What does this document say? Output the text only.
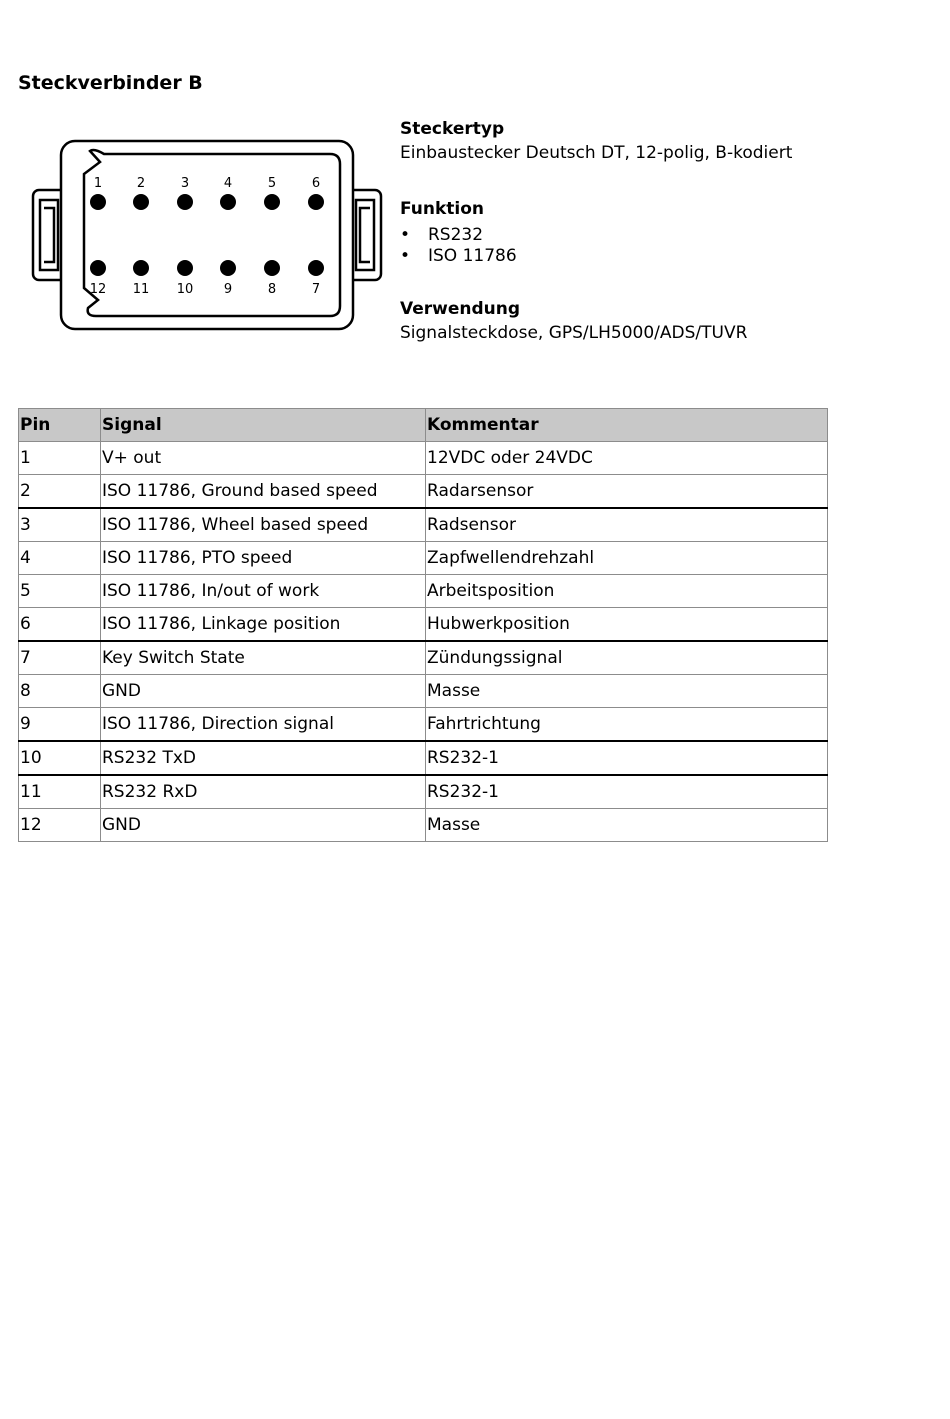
Steckverbinder B
1	2	3	4	5	6
12 11 10 9	8	7
Steckertyp
Einbaustecker Deutsch DT, 12-polig, B-kodiert
Funktion
• RS232
• ISO 11786
Verwendung
Signalsteckdose, GPS/LH5000/ADS/TUVR
Pin	Signal	Kommentar
1	V+ out	12VDC oder 24VDC
2	ISO 11786, Ground based speed	Radarsensor
3	ISO 11786, Wheel based speed	Radsensor
4	ISO 11786, PTO speed	Zapfwellendrehzahl
5	ISO 11786, In/out of work	Arbeitsposition
6	ISO 11786, Linkage position	Hubwerkposition
7	Key Switch State	Zündungssignal
8	GND	Masse
9	ISO 11786, Direction signal	Fahrtrichtung
10	RS232 TxD	RS232-1
11	RS232 RxD	RS232-1
12	GND	Masse
